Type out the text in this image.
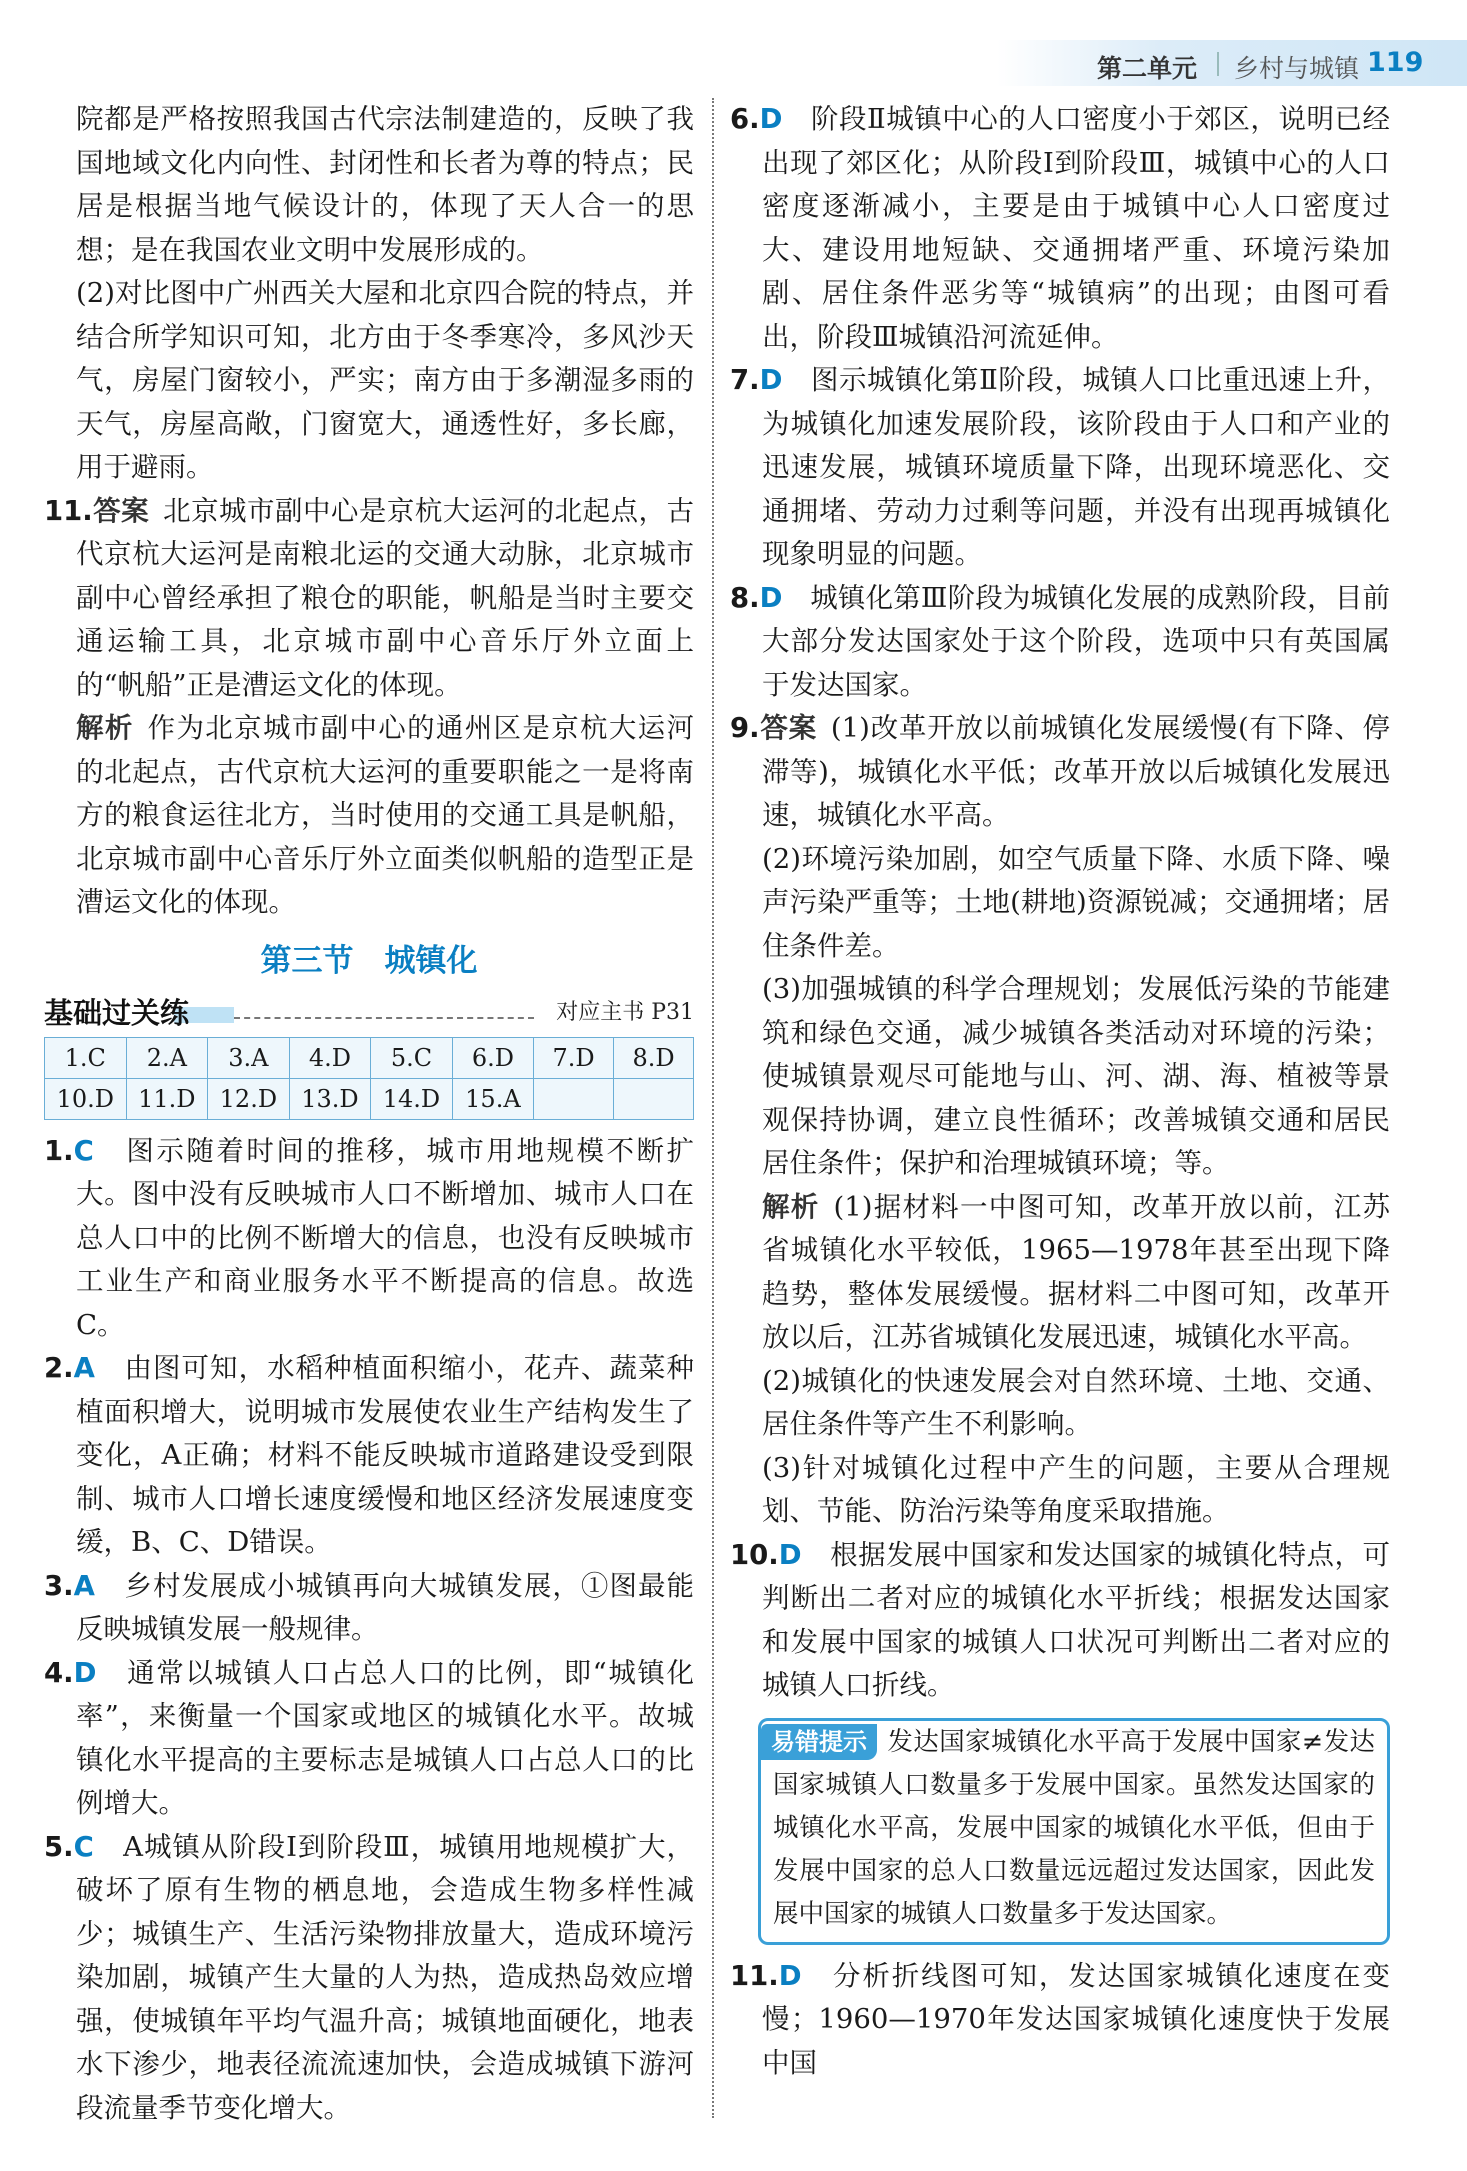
第二单元 乡村与城镇 119

院都是严格按照我国古代宗法制建造的，反映了我国地域文化内向性、封闭性和长者为尊的特点；民居是根据当地气候设计的，体现了天人合一的思想；是在我国农业文明中发展形成的。

(2)对比图中广州西关大屋和北京四合院的特点，并结合所学知识可知，北方由于冬季寒冷，多风沙天气，房屋门窗较小，严实；南方由于多潮湿多雨的天气，房屋高敞，门窗宽大，通透性好，多长廊，用于避雨。

11.答案 北京城市副中心是京杭大运河的北起点，古代京杭大运河是南粮北运的交通大动脉，北京城市副中心曾经承担了粮仓的职能，帆船是当时主要交通运输工具，北京城市副中心音乐厅外立面上的“帆船”正是漕运文化的体现。

解析 作为北京城市副中心的通州区是京杭大运河的北起点，古代京杭大运河的重要职能之一是将南方的粮食运往北方，当时使用的交通工具是帆船，北京城市副中心音乐厅外立面类似帆船的造型正是漕运文化的体现。

第三节　城镇化
基础过关练	对应主书 P31
1.C	2.A	3.A	4.D	5.C	6.D	7.D	8.D
10.D	11.D	12.D	13.D	14.D	15.A		

1.C　 图示随着时间的推移，城市用地规模不断扩大。图中没有反映城市人口不断增加、城市人口在总人口中的比例不断增大的信息，也没有反映城市工业生产和商业服务水平不断提高的信息。故选C。

2.A　 由图可知，水稻种植面积缩小，花卉、蔬菜种植面积增大，说明城市发展使农业生产结构发生了变化，A正确；材料不能反映城市道路建设受到限制、城市人口增长速度缓慢和地区经济发展速度变缓，B、C、D错误。

3.A　 乡村发展成小城镇再向大城镇发展，①图最能反映城镇发展一般规律。

4.D　 通常以城镇人口占总人口的比例，即“城镇化率”，来衡量一个国家或地区的城镇化水平。故城镇化水平提高的主要标志是城镇人口占总人口的比例增大。

5.C　 A城镇从阶段Ⅰ到阶段Ⅲ，城镇用地规模扩大，破坏了原有生物的栖息地，会造成生物多样性减少；城镇生产、生活污染物排放量大，造成环境污染加剧，城镇产生大量的人为热，造成热岛效应增强，使城镇年平均气温升高；城镇地面硬化，地表水下渗少，地表径流流速加快，会造成城镇下游河段流量季节变化增大。

6.D　 阶段Ⅱ城镇中心的人口密度小于郊区，说明已经出现了郊区化；从阶段Ⅰ到阶段Ⅲ，城镇中心的人口密度逐渐减小，主要是由于城镇中心人口密度过大、建设用地短缺、交通拥堵严重、环境污染加剧、居住条件恶劣等“城镇病”的出现；由图可看出，阶段Ⅲ城镇沿河流延伸。

7.D　 图示城镇化第Ⅱ阶段，城镇人口比重迅速上升，为城镇化加速发展阶段，该阶段由于人口和产业的迅速发展，城镇环境质量下降，出现环境恶化、交通拥堵、劳动力过剩等问题，并没有出现再城镇化现象明显的问题。

8.D　 城镇化第Ⅲ阶段为城镇化发展的成熟阶段，目前大部分发达国家处于这个阶段，选项中只有英国属于发达国家。

9.答案 (1)改革开放以前城镇化发展缓慢(有下降、停滞等)，城镇化水平低；改革开放以后城镇化发展迅速，城镇化水平高。

(2)环境污染加剧，如空气质量下降、水质下降、噪声污染严重等；土地(耕地)资源锐减；交通拥堵；居住条件差。

(3)加强城镇的科学合理规划；发展低污染的节能建筑和绿色交通，减少城镇各类活动对环境的污染；使城镇景观尽可能地与山、河、湖、海、植被等景观保持协调，建立良性循环；改善城镇交通和居民居住条件；保护和治理城镇环境；等。

解析 (1)据材料一中图可知，改革开放以前，江苏省城镇化水平较低，1965—1978年甚至出现下降趋势，整体发展缓慢。据材料二中图可知，改革开放以后，江苏省城镇化发展迅速，城镇化水平高。

(2)城镇化的快速发展会对自然环境、土地、交通、居住条件等产生不利影响。

(3)针对城镇化过程中产生的问题，主要从合理规划、节能、防治污染等角度采取措施。

10.D　 根据发展中国家和发达国家的城镇化特点，可判断出二者对应的城镇化水平折线；根据发达国家和发展中国家的城镇人口状况可判断出二者对应的城镇人口折线。

易错提示 发达国家城镇化水平高于发展中国家≠发达国家城镇人口数量多于发展中国家。虽然发达国家的城镇化水平高，发展中国家的城镇化水平低，但由于发展中国家的总人口数量远远超过发达国家，因此发展中国家的城镇人口数量多于发达国家。

11.D　 分析折线图可知，发达国家城镇化速度在变慢；1960—1970年发达国家城镇化速度快于发展中国
